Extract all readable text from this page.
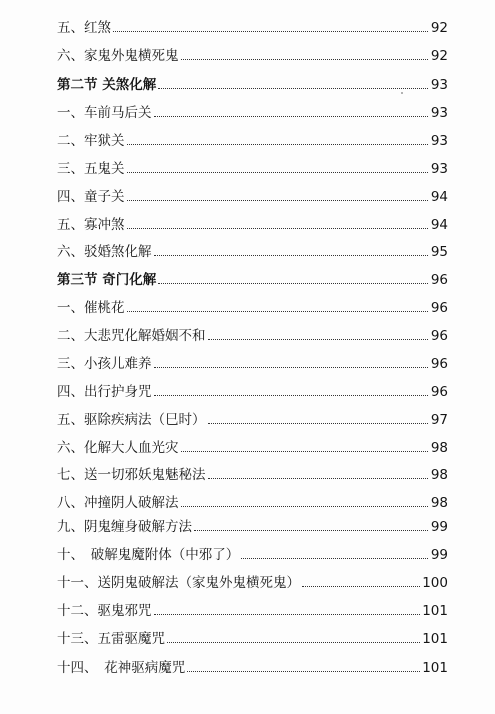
五、红煞	92
六、家鬼外鬼横死鬼	92
第二节 关煞化解	93
一、车前马后关	93
二、牢狱关	93
三、五鬼关	93
四、童子关	94
五、寡冲煞	94
六、驳婚煞化解	95
第三节 奇门化解	96
一、催桃花	96
二、大悲咒化解婚姻不和	96
三、小孩儿难养	96
四、出行护身咒	96
五、驱除疾病法（巳时）	97
六、化解大人血光灾	98
七、送一切邪妖鬼魅秘法	98
八、冲撞阴人破解法	98
九、阴鬼缠身破解方法	99
十、　破解鬼魔附体（中邪了）	99
十一、送阴鬼破解法（家鬼外鬼横死鬼）	100
十二、驱鬼邪咒	101
十三、五雷驱魔咒	101
十四、　花神驱病魔咒	101
